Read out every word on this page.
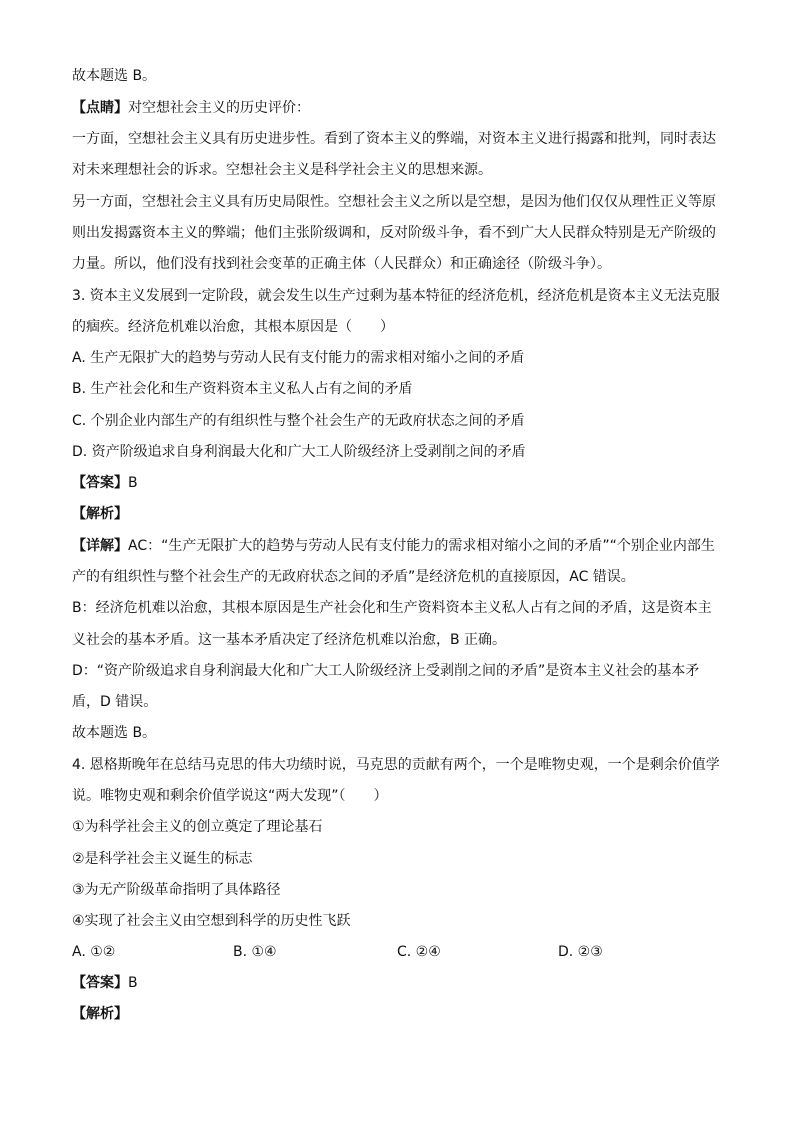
故本题选 B。
【点睛】对空想社会主义的历史评价：
一方面，空想社会主义具有历史进步性。看到了资本主义的弊端，对资本主义进行揭露和批判，同时表达
对未来理想社会的诉求。空想社会主义是科学社会主义的思想来源。
另一方面，空想社会主义具有历史局限性。空想社会主义之所以是空想，是因为他们仅仅从理性正义等原
则出发揭露资本主义的弊端；他们主张阶级调和，反对阶级斗争，看不到广大人民群众特别是无产阶级的
力量。所以，他们没有找到社会变革的正确主体（人民群众）和正确途径（阶级斗争）。
3. 资本主义发展到一定阶段，就会发生以生产过剩为基本特征的经济危机，经济危机是资本主义无法克服
的痼疾。经济危机难以治愈，其根本原因是（　　）
A. 生产无限扩大的趋势与劳动人民有支付能力的需求相对缩小之间的矛盾
B. 生产社会化和生产资料资本主义私人占有之间的矛盾
C. 个别企业内部生产的有组织性与整个社会生产的无政府状态之间的矛盾
D. 资产阶级追求自身利润最大化和广大工人阶级经济上受剥削之间的矛盾
【答案】B
【解析】
【详解】AC：“生产无限扩大的趋势与劳动人民有支付能力的需求相对缩小之间的矛盾”“个别企业内部生
产的有组织性与整个社会生产的无政府状态之间的矛盾”是经济危机的直接原因，AC 错误。
B：经济危机难以治愈，其根本原因是生产社会化和生产资料资本主义私人占有之间的矛盾，这是资本主
义社会的基本矛盾。这一基本矛盾决定了经济危机难以治愈，B 正确。
D：“资产阶级追求自身利润最大化和广大工人阶级经济上受剥削之间的矛盾”是资本主义社会的基本矛
盾，D 错误。
故本题选 B。
4. 恩格斯晚年在总结马克思的伟大功绩时说，马克思的贡献有两个，一个是唯物史观，一个是剩余价值学
说。唯物史观和剩余价值学说这“两大发现”（　　）
①为科学社会主义的创立奠定了理论基石
②是科学社会主义诞生的标志
③为无产阶级革命指明了具体路径
④实现了社会主义由空想到科学的历史性飞跃
A. ①②	B. ①④	C. ②④	D. ②③
【答案】B
【解析】
